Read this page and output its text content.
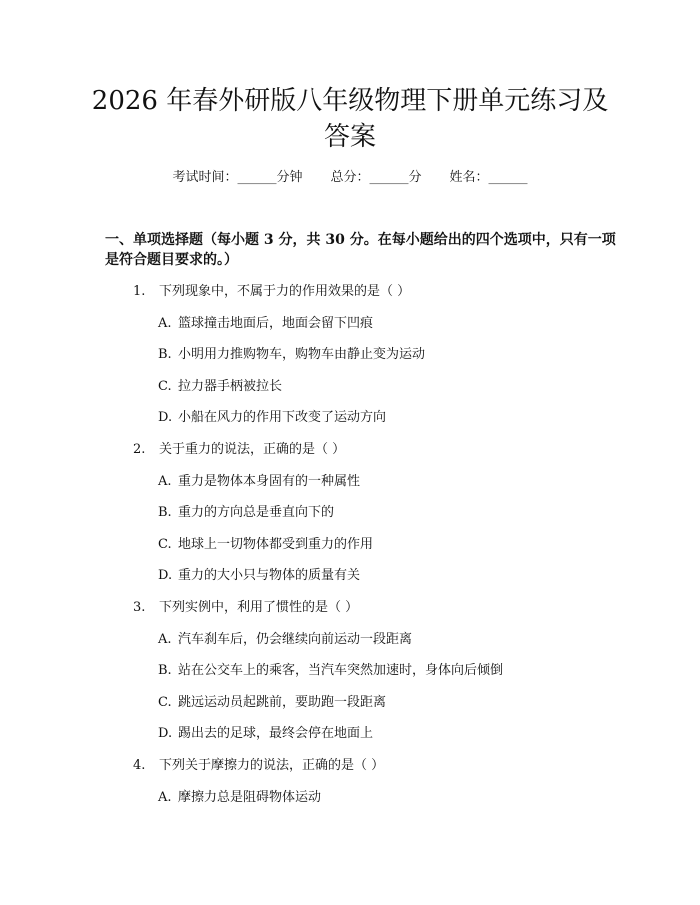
2026 年春外研版八年级物理下册单元练习及
答案
考试时间：______分钟 总分：______分 姓名：______
一、单项选择题（每小题 3 分，共 30 分。在每小题给出的四个选项中，只有一项
是符合题目要求的。）
1. 下列现象中，不属于力的作用效果的是（ ）
A. 篮球撞击地面后，地面会留下凹痕
B. 小明用力推购物车，购物车由静止变为运动
C. 拉力器手柄被拉长
D. 小船在风力的作用下改变了运动方向
2. 关于重力的说法，正确的是（ ）
A. 重力是物体本身固有的一种属性
B. 重力的方向总是垂直向下的
C. 地球上一切物体都受到重力的作用
D. 重力的大小只与物体的质量有关
3. 下列实例中，利用了惯性的是（ ）
A. 汽车刹车后，仍会继续向前运动一段距离
B. 站在公交车上的乘客，当汽车突然加速时，身体向后倾倒
C. 跳远运动员起跳前，要助跑一段距离
D. 踢出去的足球，最终会停在地面上
4. 下列关于摩擦力的说法，正确的是（ ）
A. 摩擦力总是阻碍物体运动
